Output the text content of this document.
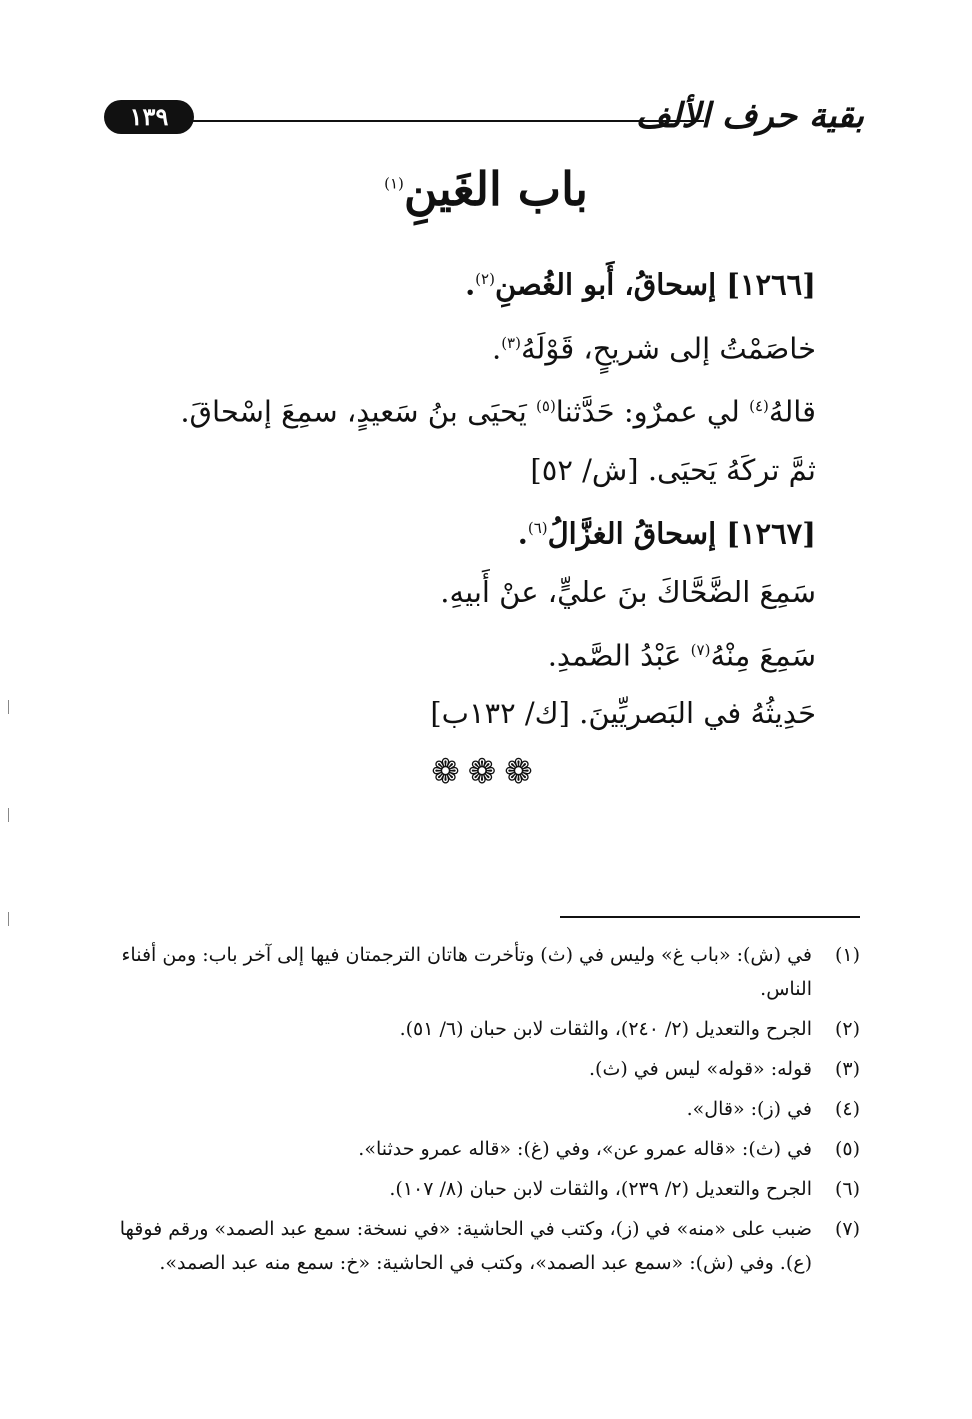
١٣٩	بقية حرف الألف
باب الغَينِ$^{(١)}$
[١٢٦٦] إسحاقُ، أَبو الغُصنِ$^{(٢)}$.
خاصَمْتُ إلى شريحٍ، قَوْلَهُ$^{(٣)}$.
قالهُ$^{(٤)}$ لي عمرٌو: حَدَّثنا$^{(٥)}$ يَحيَى بنُ سَعيدٍ، سمِعَ إسْحاقَ.
ثمَّ تركَهُ يَحيَى. [ش/ ٥٢]
[١٢٦٧] إسحاقُ الغزَّالُ$^{(٦)}$.
سَمِعَ الضَّحَّاكَ بنَ عليٍّ، عنْ أَبيهِ.
سَمِعَ مِنْهُ$^{(٧)}$ عَبْدُ الصَّمدِ.
حَدِيثُهُ في البَصريِّينَ. [ك/ ١٣٢ب]
❁❁❁
(١)
في (ش): «باب غ» وليس في (ث) وتأخرت هاتان الترجمتان فيها إلى آخر باب: ومن أفناء الناس.
(٢)
الجرح والتعديل (٢/ ٢٤٠)، والثقات لابن حبان (٦/ ٥١).
(٣)
قوله: «قوله» ليس في (ث).
(٤)
في (ز): «قال».
(٥)
في (ث): «قاله عمرو عن»، وفي (غ): «قاله عمرو حدثنا».
(٦)
الجرح والتعديل (٢/ ٢٣٩)، والثقات لابن حبان (٨/ ١٠٧).
(٧)
ضبب على «منه» في (ز)، وكتب في الحاشية: «في نسخة: سمع عبد الصمد» ورقم فوقها (ع). وفي (ش): «سمع عبد الصمد»، وكتب في الحاشية: «خ: سمع منه عبد الصمد».
